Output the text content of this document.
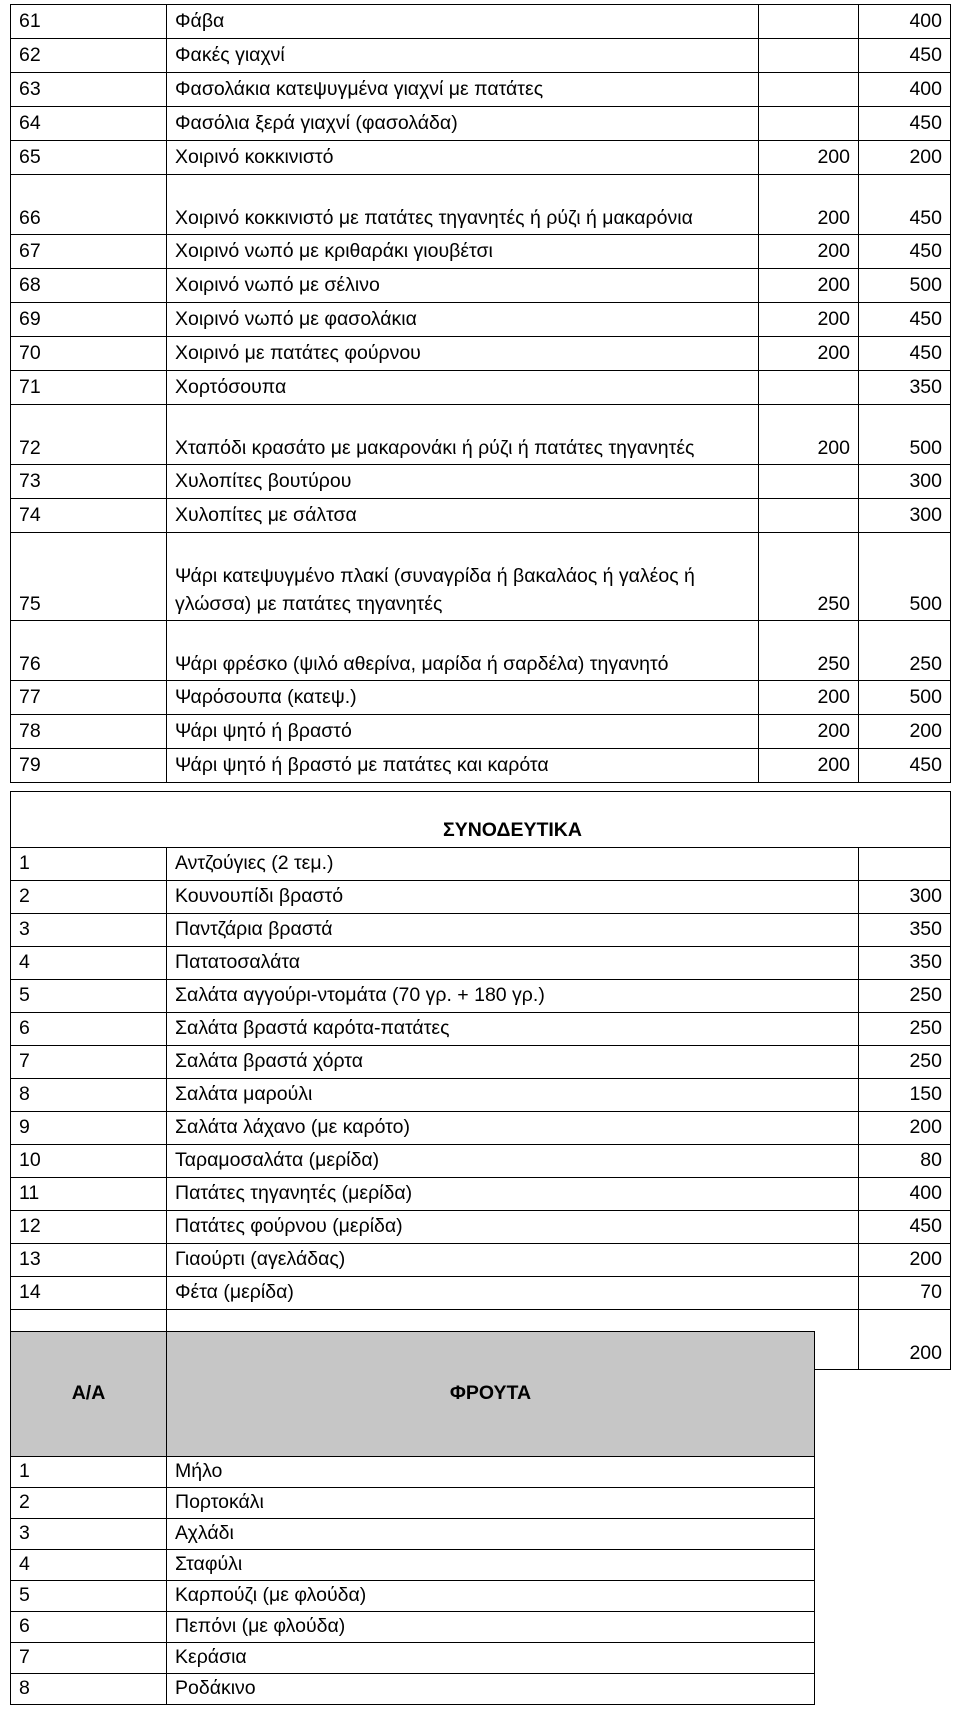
61	Φάβα		400
62	Φακές γιαχνί		450
63	Φασολάκια κατεψυγμένα γιαχνί με πατάτες		400
64	Φασόλια ξερά γιαχνί (φασολάδα)		450
65	Χοιρινό κοκκινιστό	200	200
66	Χοιρινό κοκκινιστό με πατάτες τηγανητές ή ρύζι ή μακαρόνια	200	450
67	Χοιρινό νωπό με κριθαράκι γιουβέτσι	200	450
68	Χοιρινό νωπό με σέλινο	200	500
69	Χοιρινό νωπό με φασολάκια	200	450
70	Χοιρινό με πατάτες φούρνου	200	450
71	Χορτόσουπα		350
72	Χταπόδι κρασάτο με μακαρονάκι ή ρύζι ή πατάτες τηγανητές	200	500
73	Χυλοπίτες βουτύρου		300
74	Χυλοπίτες με σάλτσα		300
75	Ψάρι κατεψυγμένο πλακί (συναγρίδα ή βακαλάος ή γαλέος ή γλώσσα) με πατάτες τηγανητές	250	500
76	Ψάρι φρέσκο (ψιλό αθερίνα, μαρίδα ή σαρδέλα) τηγανητό	250	250
77	Ψαρόσουπα (κατεψ.)	200	500
78	Ψάρι ψητό ή βραστό	200	200
79	Ψάρι ψητό ή βραστό με πατάτες και καρότα	200	450
	ΣΥΝΟΔΕΥΤΙΚΑ	
1	Αντζούγιες (2 τεμ.)	
2	Κουνουπίδι βραστό	300
3	Παντζάρια βραστά	350
4	Πατατοσαλάτα	350
5	Σαλάτα αγγούρι-ντομάτα (70 γρ. + 180 γρ.)	250
6	Σαλάτα βραστά καρότα-πατάτες	250
7	Σαλάτα βραστά χόρτα	250
8	Σαλάτα μαρούλι	150
9	Σαλάτα λάχανο (με καρότο)	200
10	Ταραμοσαλάτα (μερίδα)	80
11	Πατάτες τηγανητές (μερίδα)	400
12	Πατάτες φούρνου (μερίδα)	450
13	Γιαούρτι (αγελάδας)	200
14	Φέτα (μερίδα)	70
		200
Α/Α	ΦΡΟΥΤΑ
1	Μήλο
2	Πορτοκάλι
3	Αχλάδι
4	Σταφύλι
5	Καρπούζι (με φλούδα)
6	Πεπόνι (με φλούδα)
7	Κεράσια
8	Ροδάκινο
